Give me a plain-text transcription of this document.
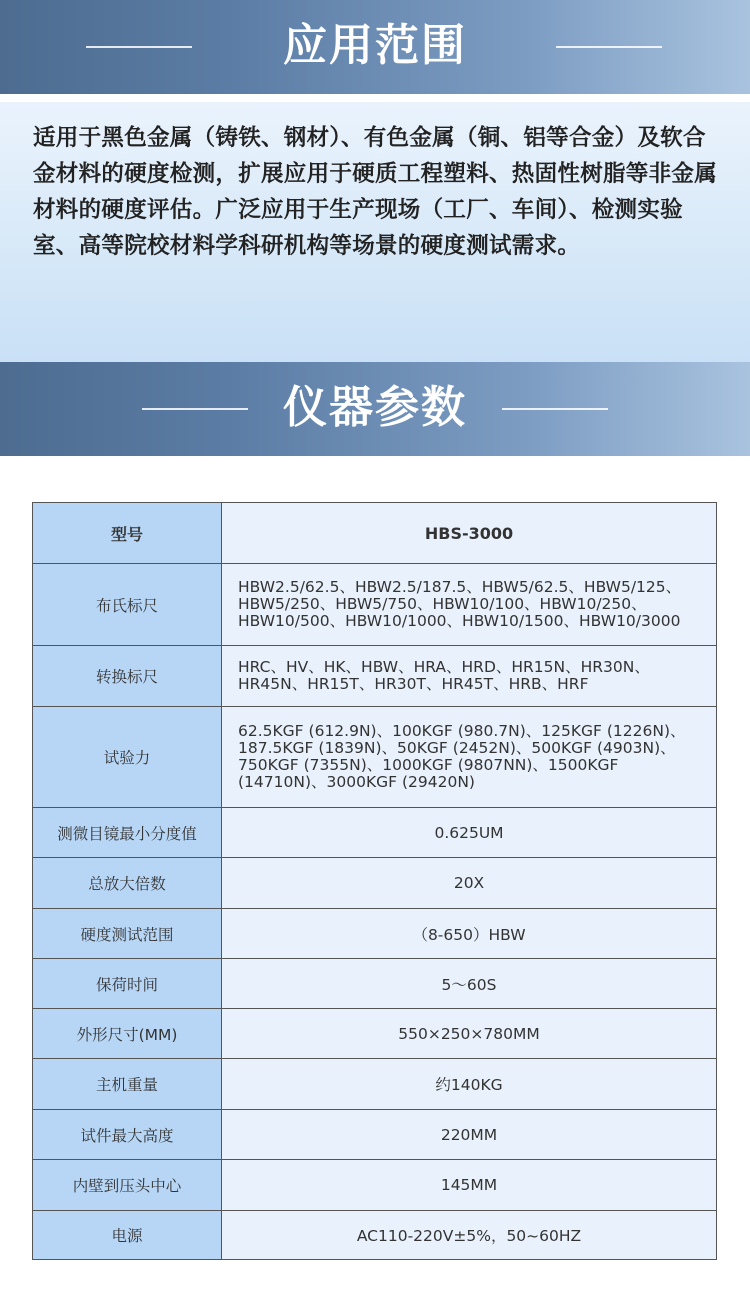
应用范围

适用于黑色金属（铸铁、钢材）、有色金属（铜、铝等合金）及软合金材料的硬度检测，扩展应用于硬质工程塑料、热固性树脂等非金属材料的硬度评估。广泛应用于生产现场（工厂、车间）、检测实验室、高等院校材料学科研机构等场景的硬度测试需求。

仪器参数
型号	HBS-3000
布氏标尺	HBW2.5/62.5、HBW2.5/187.5、HBW5/62.5、HBW5/125、HBW5/250、HBW5/750、HBW10/100、HBW10/250、HBW10/500、HBW10/1000、HBW10/1500、HBW10/3000
转换标尺	HRC、HV、HK、HBW、HRA、HRD、HR15N、HR30N、HR45N、HR15T、HR30T、HR45T、HRB、HRF
试验力	62.5KGF (612.9N)、100KGF (980.7N)、125KGF (1226N)、187.5KGF (1839N)、50KGF (2452N)、500KGF (4903N)、750KGF (7355N)、1000KGF (9807NN)、1500KGF (14710N)、3000KGF (29420N)
测微目镜最小分度值	0.625UM
总放大倍数	20X
硬度测试范围	（8-650）HBW
保荷时间	5～60S
外形尺寸(MM)	550×250×780MM
主机重量	约140KG
试件最大高度	220MM
内壁到压头中心	145MM
电源	AC110-220V±5%，50~60HZ
